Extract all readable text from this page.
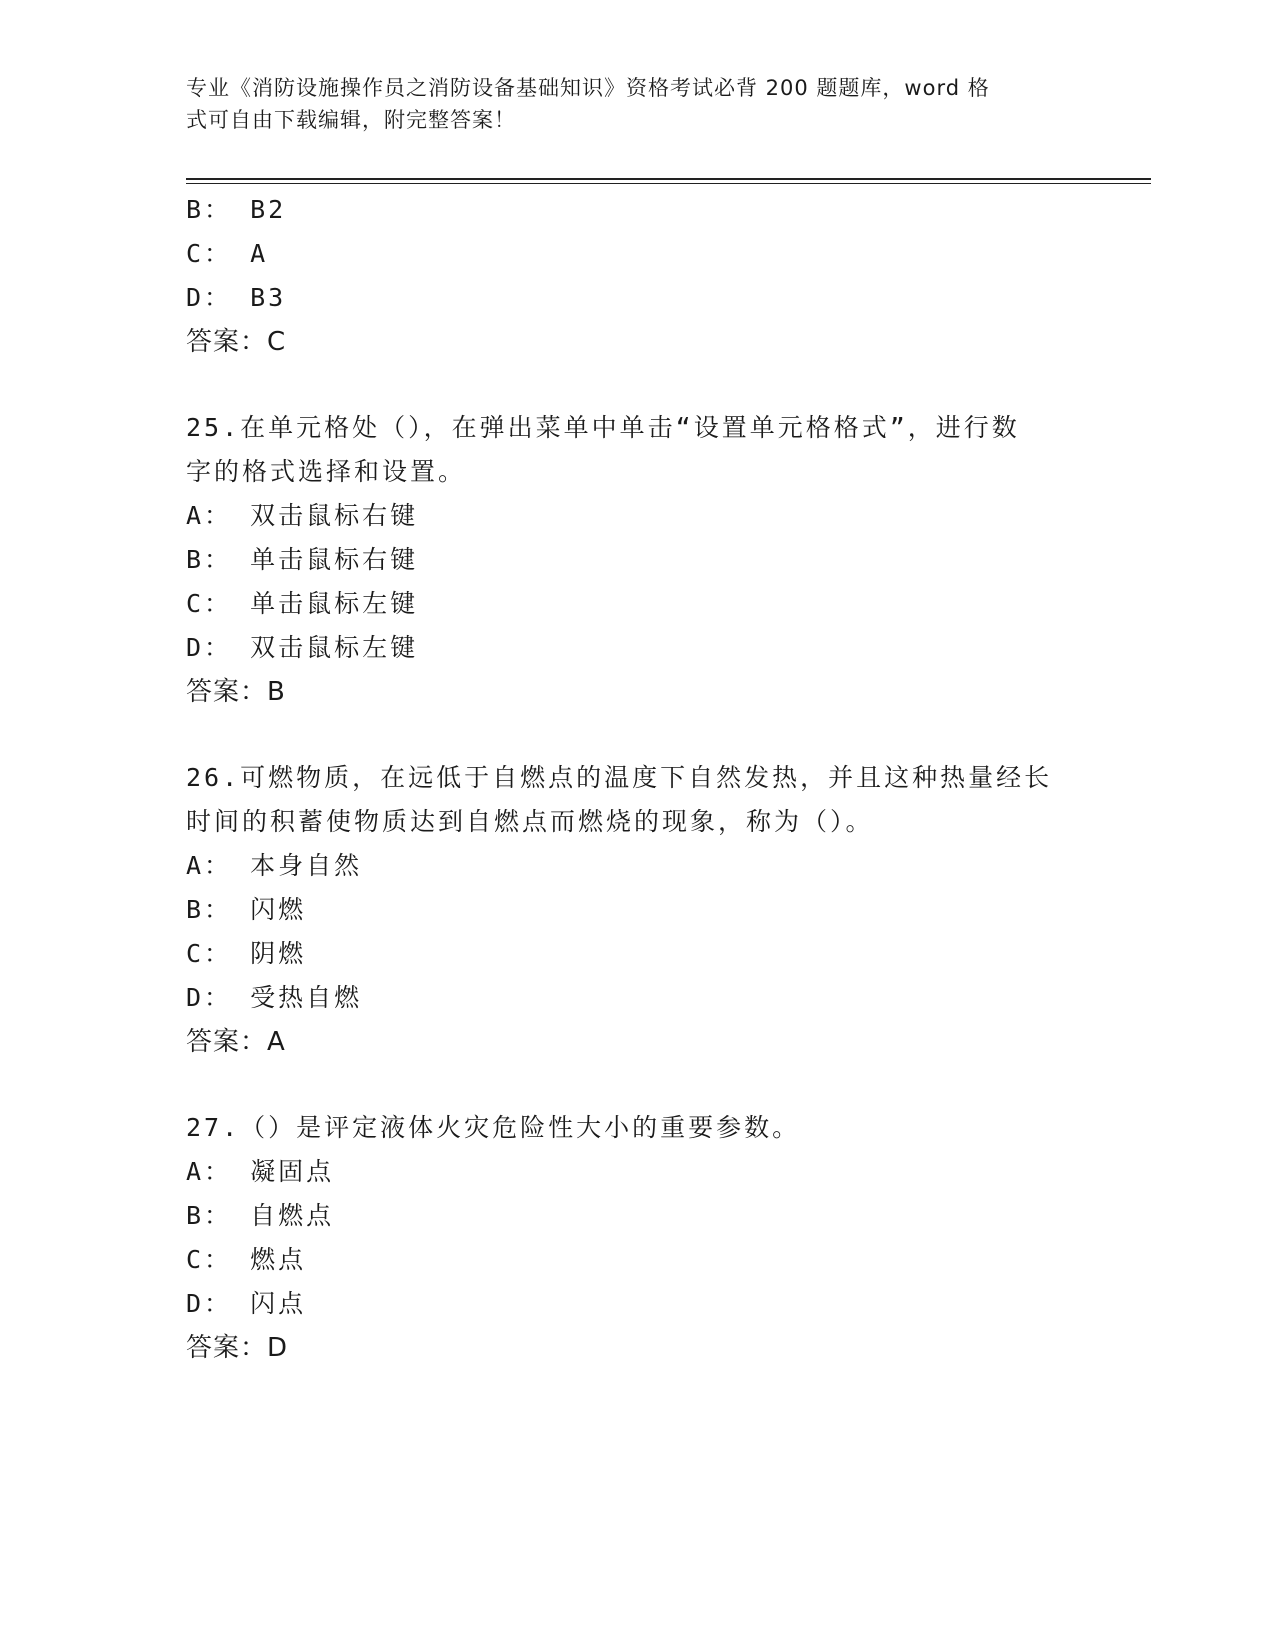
专业《消防设施操作员之消防设备基础知识》资格考试必背 200 题题库，word 格
式可自由下载编辑，附完整答案！
B： B2
C： A
D： B3
答案：C
25.在单元格处（），在弹出菜单中单击“设置单元格格式”，进行数
字的格式选择和设置。
A： 双击鼠标右键
B： 单击鼠标右键
C： 单击鼠标左键
D： 双击鼠标左键
答案：B
26.可燃物质，在远低于自燃点的温度下自然发热，并且这种热量经长
时间的积蓄使物质达到自燃点而燃烧的现象，称为（）。
A： 本身自然
B： 闪燃
C： 阴燃
D： 受热自燃
答案：A
27.（）是评定液体火灾危险性大小的重要参数。
A： 凝固点
B： 自燃点
C： 燃点
D： 闪点
答案：D
